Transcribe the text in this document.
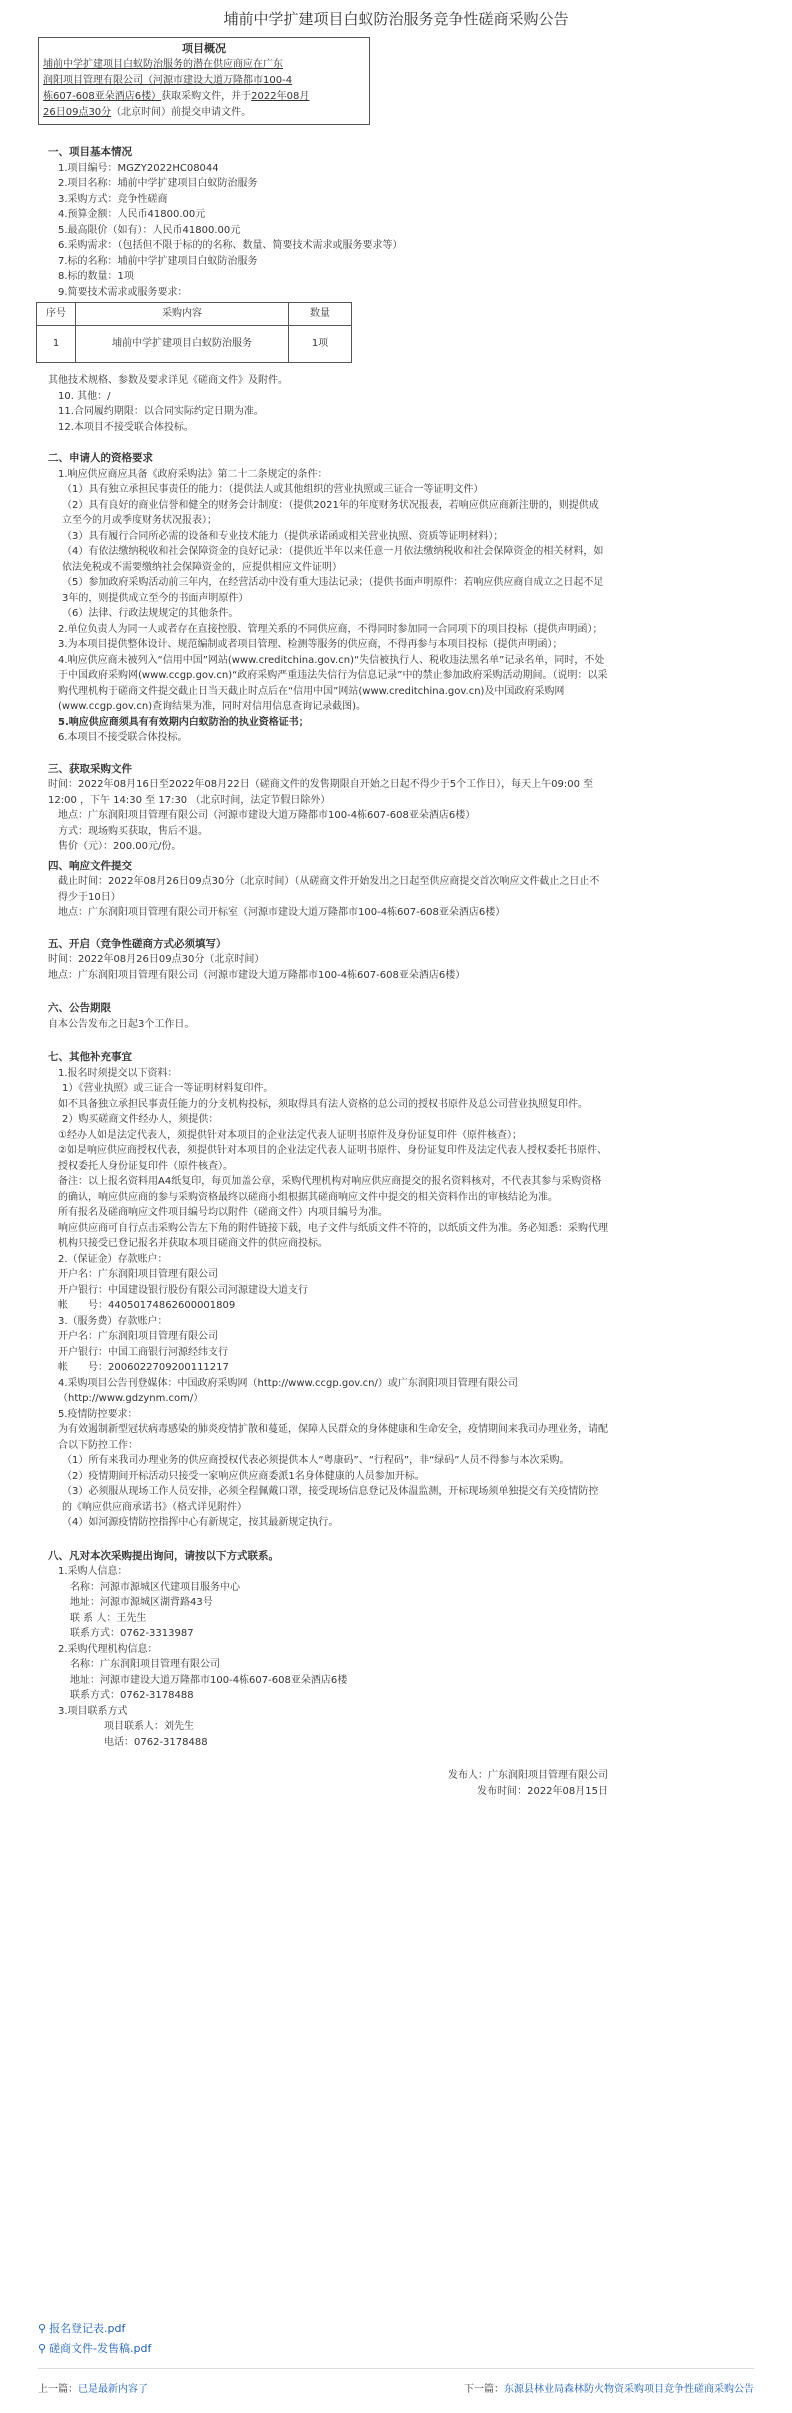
埔前中学扩建项目白蚁防治服务竞争性磋商采购公告
项目概况
埔前中学扩建项目白蚁防治服务的潜在供应商应在广东
润阳项目管理有限公司（河源市建设大道万隆都市100-4
栋607-608亚朵酒店6楼）获取采购文件，并于2022年08月
26日09点30分（北京时间）前提交申请文件。

一、项目基本情况

1.项目编号：MGZY2022HC08044

2.项目名称：埔前中学扩建项目白蚁防治服务

3.采购方式：竞争性磋商

4.预算金额：人民币41800.00元

5.最高限价（如有）：人民币41800.00元

6.采购需求：（包括但不限于标的的名称、数量、简要技术需求或服务要求等）

7.标的名称：埔前中学扩建项目白蚁防治服务

8.标的数量：1项

9.简要技术需求或服务要求：

序号	采购内容	数量
1	埔前中学扩建项目白蚁防治服务	1项

其他技术规格、参数及要求详见《磋商文件》及附件。

10. 其他：/

11.合同履约期限：以合同实际约定日期为准。

12.本项目不接受联合体投标。

二、申请人的资格要求

1.响应供应商应具备《政府采购法》第二十二条规定的条件：

（1）具有独立承担民事责任的能力：（提供法人或其他组织的营业执照或三证合一等证明文件）

（2）具有良好的商业信誉和健全的财务会计制度：（提供2021年的年度财务状况报表，若响应供应商新注册的，则提供成立至今的月或季度财务状况报表）；

（3）具有履行合同所必需的设备和专业技术能力（提供承诺函或相关营业执照、资质等证明材料）；

（4）有依法缴纳税收和社会保障资金的良好记录：（提供近半年以来任意一月依法缴纳税收和社会保障资金的相关材料，如依法免税或不需要缴纳社会保障资金的，应提供相应文件证明）

（5）参加政府采购活动前三年内，在经营活动中没有重大违法记录；（提供书面声明原件：若响应供应商自成立之日起不足3年的，则提供成立至今的书面声明原件）

（6）法律、行政法规规定的其他条件。

2.单位负责人为同一人或者存在直接控股、管理关系的不同供应商，不得同时参加同一合同项下的项目投标（提供声明函）；

3.为本项目提供整体设计、规范编制或者项目管理、检测等服务的供应商，不得再参与本项目投标（提供声明函）；

4.响应供应商未被列入“信用中国”网站(www.creditchina.gov.cn)“失信被执行人、税收违法黑名单”记录名单，同时，不处于中国政府采购网(www.ccgp.gov.cn)“政府采购严重违法失信行为信息记录”中的禁止参加政府采购活动期间。（说明：以采购代理机构于磋商文件提交截止日当天截止时点后在“信用中国”网站(www.creditchina.gov.cn)及中国政府采购网(www.ccgp.gov.cn)查询结果为准，同时对信用信息查询记录截图)。

5.响应供应商须具有有效期内白蚁防治的执业资格证书；

6.本项目不接受联合体投标。

三、获取采购文件

时间：2022年08月16日至2022年08月22日（磋商文件的发售期限自开始之日起不得少于5个工作日），每天上午09:00 至 12:00 ，下午 14:30 至 17:30 （北京时间，法定节假日除外）

地点：广东润阳项目管理有限公司（河源市建设大道万隆都市100-4栋607-608亚朵酒店6楼）

方式：现场购买获取，售后不退。

售价（元）：200.00元/份。

四、响应文件提交

截止时间：2022年08月26日09点30分（北京时间）（从磋商文件开始发出之日起至供应商提交首次响应文件截止之日止不得少于10日）

地点：广东润阳项目管理有限公司开标室（河源市建设大道万隆都市100-4栋607-608亚朵酒店6楼）

五、开启（竞争性磋商方式必须填写）

时间：2022年08月26日09点30分（北京时间）

地点：广东润阳项目管理有限公司（河源市建设大道万隆都市100-4栋607-608亚朵酒店6楼）

六、公告期限

自本公告发布之日起3个工作日。

七、其他补充事宜

1.报名时须提交以下资料：

1）《营业执照》或三证合一等证明材料复印件。

如不具备独立承担民事责任能力的分支机构投标，须取得具有法人资格的总公司的授权书原件及总公司营业执照复印件。

2）购买磋商文件经办人，须提供：

①经办人如是法定代表人，须提供针对本项目的企业法定代表人证明书原件及身份证复印件（原件核查）；

②如是响应供应商授权代表，须提供针对本项目的企业法定代表人证明书原件、身份证复印件及法定代表人授权委托书原件、授权委托人身份证复印件（原件核查）。

备注：以上报名资料用A4纸复印，每页加盖公章，采购代理机构对响应供应商提交的报名资料核对，不代表其参与采购资格的确认，响应供应商的参与采购资格最终以磋商小组根据其磋商响应文件中提交的相关资料作出的审核结论为准。

所有报名及磋商响应文件项目编号均以附件（磋商文件）内项目编号为准。

响应供应商可自行点击采购公告左下角的附件链接下载，电子文件与纸质文件不符的，以纸质文件为准。务必知悉：采购代理机构只接受已登记报名并获取本项目磋商文件的供应商投标。

2.（保证金）存款账户：

开户名：广东润阳项目管理有限公司

开户银行：中国建设银行股份有限公司河源建设大道支行

帐　　号：44050174862600001809

3.（服务费）存款账户：

开户名：广东润阳项目管理有限公司

开户银行：中国工商银行河源经纬支行

帐　　号：2006022709200111217

4.采购项目公告刊登媒体：中国政府采购网（http://www.ccgp.gov.cn/）或广东润阳项目管理有限公司（http://www.gdzynm.com/）

5.疫情防控要求：

为有效遏制新型冠状病毒感染的肺炎疫情扩散和蔓延，保障人民群众的身体健康和生命安全，疫情期间来我司办理业务，请配合以下防控工作：

（1）所有来我司办理业务的供应商授权代表必须提供本人“粤康码”、“行程码”，非“绿码”人员不得参与本次采购。

（2）疫情期间开标活动只接受一家响应供应商委派1名身体健康的人员参加开标。

（3）必须服从现场工作人员安排，必须全程佩戴口罩，接受现场信息登记及体温监测，开标现场须单独提交有关疫情防控的《响应供应商承诺书》（格式详见附件）

（4）如河源疫情防控指挥中心有新规定，按其最新规定执行。

八、凡对本次采购提出询问，请按以下方式联系。

1.采购人信息：

名称：河源市源城区代建项目服务中心

地址：河源市源城区湖背路43号

联 系 人：王先生

联系方式：0762-3313987

2.采购代理机构信息：

名称：广东润阳项目管理有限公司

地址：河源市建设大道万隆都市100-4栋607-608亚朵酒店6楼

联系方式：0762-3178488

3.项目联系方式

项目联系人：刘先生

电话：0762-3178488

发布人：广东润阳项目管理有限公司

发布时间：2022年08月15日

⚲ 报名登记表.pdf
⚲ 磋商文件-发售稿.pdf
上一篇：已是最新内容了	下一篇：东源县林业局森林防火物资采购项目竞争性磋商采购公告
